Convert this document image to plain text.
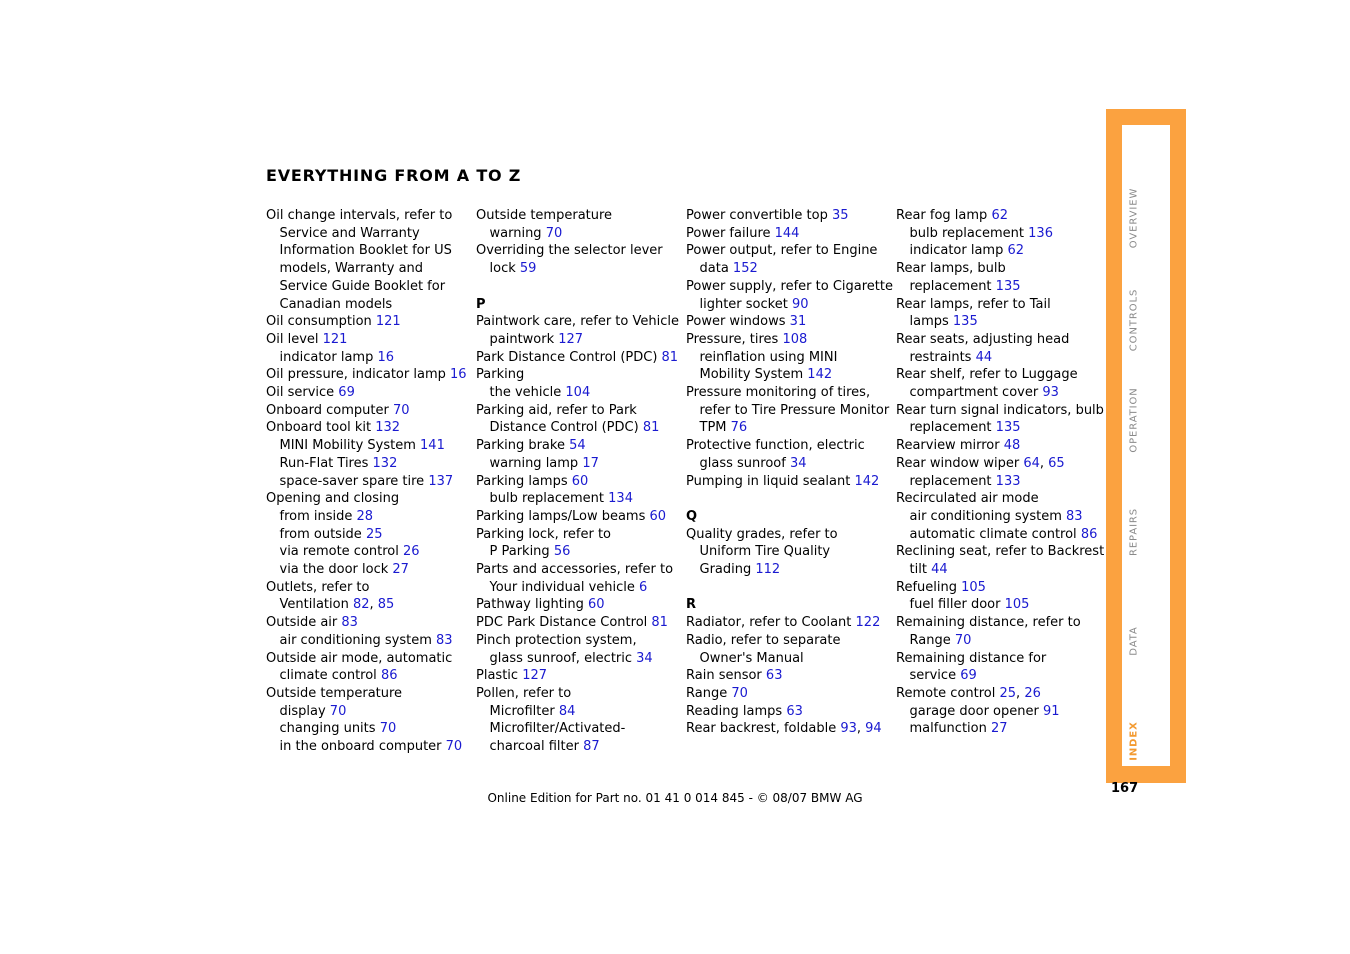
EVERYTHING FROM A TO Z
Oil change intervals, refer to
Service and Warranty
Information Booklet for US
models, Warranty and
Service Guide Booklet for
Canadian models
Oil consumption 121
Oil level 121
indicator lamp 16
Oil pressure, indicator lamp 16
Oil service 69
Onboard computer 70
Onboard tool kit 132
MINI Mobility System 141
Run-Flat Tires 132
space-saver spare tire 137
Opening and closing
from inside 28
from outside 25
via remote control 26
via the door lock 27
Outlets, refer to
Ventilation 82, 85
Outside air 83
air conditioning system 83
Outside air mode, automatic
climate control 86
Outside temperature
display 70
changing units 70
in the onboard computer 70
Outside temperature
warning 70
Overriding the selector lever
lock 59
P
Paintwork care, refer to Vehicle
paintwork 127
Park Distance Control (PDC) 81
Parking
the vehicle 104
Parking aid, refer to Park
Distance Control (PDC) 81
Parking brake 54
warning lamp 17
Parking lamps 60
bulb replacement 134
Parking lamps/Low beams 60
Parking lock, refer to
P Parking 56
Parts and accessories, refer to
Your individual vehicle 6
Pathway lighting 60
PDC Park Distance Control 81
Pinch protection system,
glass sunroof, electric 34
Plastic 127
Pollen, refer to
Microfilter 84
Microfilter/Activated-
charcoal filter 87
Power convertible top 35
Power failure 144
Power output, refer to Engine
data 152
Power supply, refer to Cigarette
lighter socket 90
Power windows 31
Pressure, tires 108
reinflation using MINI
Mobility System 142
Pressure monitoring of tires,
refer to Tire Pressure Monitor
TPM 76
Protective function, electric
glass sunroof 34
Pumping in liquid sealant 142
Q
Quality grades, refer to
Uniform Tire Quality
Grading 112
R
Radiator, refer to Coolant 122
Radio, refer to separate
Owner's Manual
Rain sensor 63
Range 70
Reading lamps 63
Rear backrest, foldable 93, 94
Rear fog lamp 62
bulb replacement 136
indicator lamp 62
Rear lamps, bulb
replacement 135
Rear lamps, refer to Tail
lamps 135
Rear seats, adjusting head
restraints 44
Rear shelf, refer to Luggage
compartment cover 93
Rear turn signal indicators, bulb
replacement 135
Rearview mirror 48
Rear window wiper 64, 65
replacement 133
Recirculated air mode
air conditioning system 83
automatic climate control 86
Reclining seat, refer to Backrest
tilt 44
Refueling 105
fuel filler door 105
Remaining distance, refer to
Range 70
Remaining distance for
service 69
Remote control 25, 26
garage door opener 91
malfunction 27
OVERVIEW
CONTROLS
OPERATION
REPAIRS
DATA
INDEX
167
Online Edition for Part no. 01 41 0 014 845 - © 08/07 BMW AG
